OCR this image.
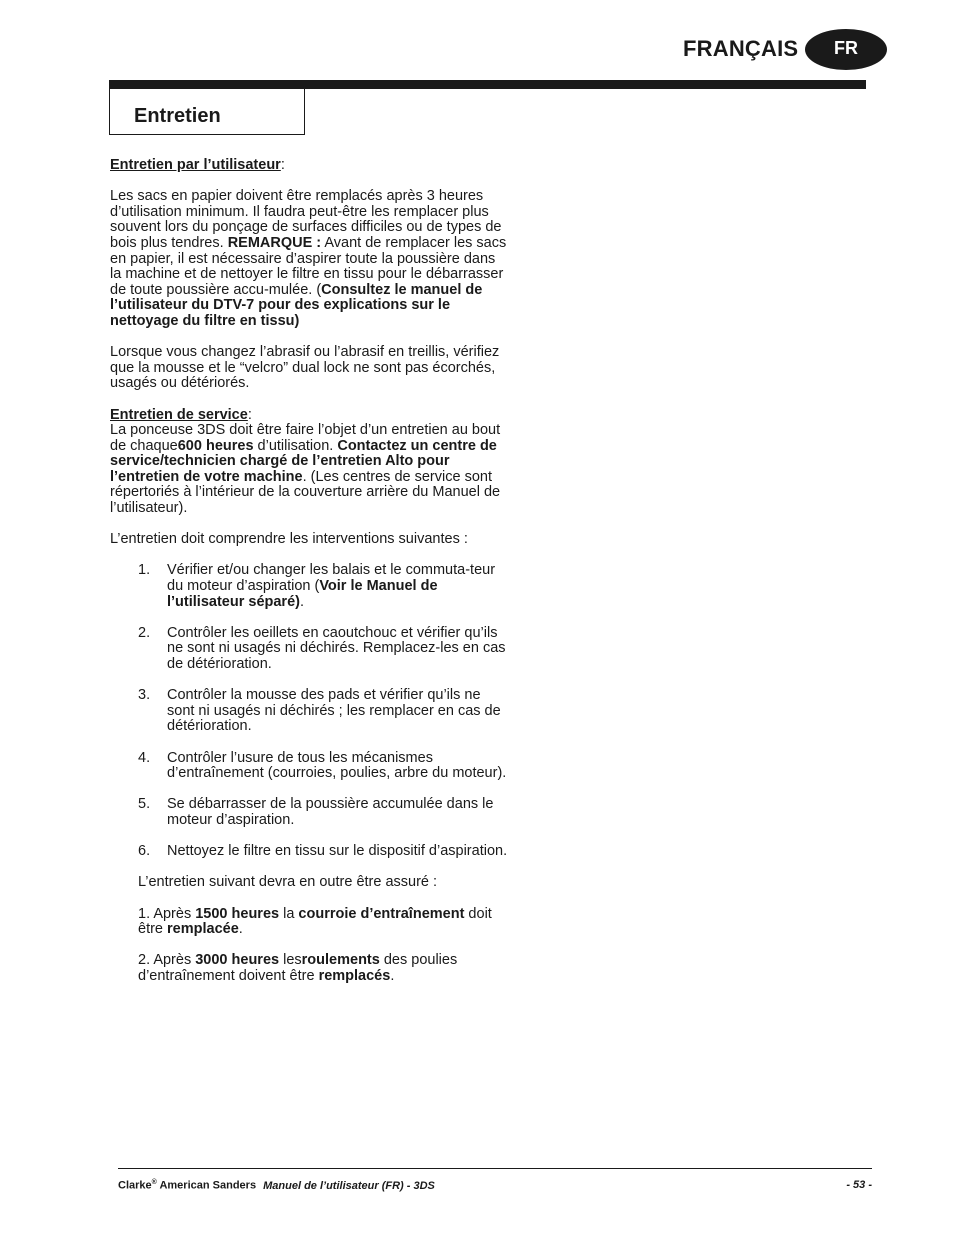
FRANÇAIS	FR
Entretien

Entretien par l’utilisateur:

Les sacs en papier doivent être remplacés après 3 heures d’utilisation minimum. Il faudra peut-être les remplacer plus souvent lors du ponçage de surfaces difficiles ou de types de bois plus tendres. REMARQUE : Avant de remplacer les sacs en papier, il est nécessaire d’aspirer toute la poussière dans la machine et de nettoyer le filtre en tissu pour le débarrasser de toute poussière accu-mulée. (Consultez le manuel de l’utilisateur du DTV-7 pour des explications sur le nettoyage du filtre en tissu)

Lorsque vous changez l’abrasif ou l’abrasif en treillis, vérifiez que la mousse et le “velcro” dual lock ne sont pas écorchés, usagés ou détériorés.

Entretien de service:

La ponceuse 3DS doit être faire l’objet d’un entretien au bout de chaque600 heures d’utilisation. Contactez un centre de service/technicien chargé de l’entretien Alto pour l’entretien de votre machine. (Les centres de service sont répertoriés à l’intérieur de la couverture arrière du Manuel de l’utilisateur).

L’entretien doit comprendre les interventions suivantes :

1. Vérifier et/ou changer les balais et le commuta-teur du moteur d’aspiration (Voir le Manuel de l’utilisateur séparé).
2. Contrôler les oeillets en caoutchouc et vérifier qu’ils ne sont ni usagés ni déchirés. Remplacez-les en cas de détérioration.
3. Contrôler la mousse des pads et vérifier qu’ils ne sont ni usagés ni déchirés ; les remplacer en cas de détérioration.
4. Contrôler l’usure de tous les mécanismes d’entraînement (courroies, poulies, arbre du moteur).
5. Se débarrasser de la poussière accumulée dans le moteur d’aspiration.
6. Nettoyez le filtre en tissu sur le dispositif d’aspiration.

L’entretien suivant devra en outre être assuré :

1. Après 1500 heures la courroie d’entraînement doit être remplacée.

2. Après 3000 heures lesroulements des poulies d’entraînement doivent être remplacés.

Clarke® American Sanders Manuel de l’utilisateur (FR) - 3DS	- 53 -
